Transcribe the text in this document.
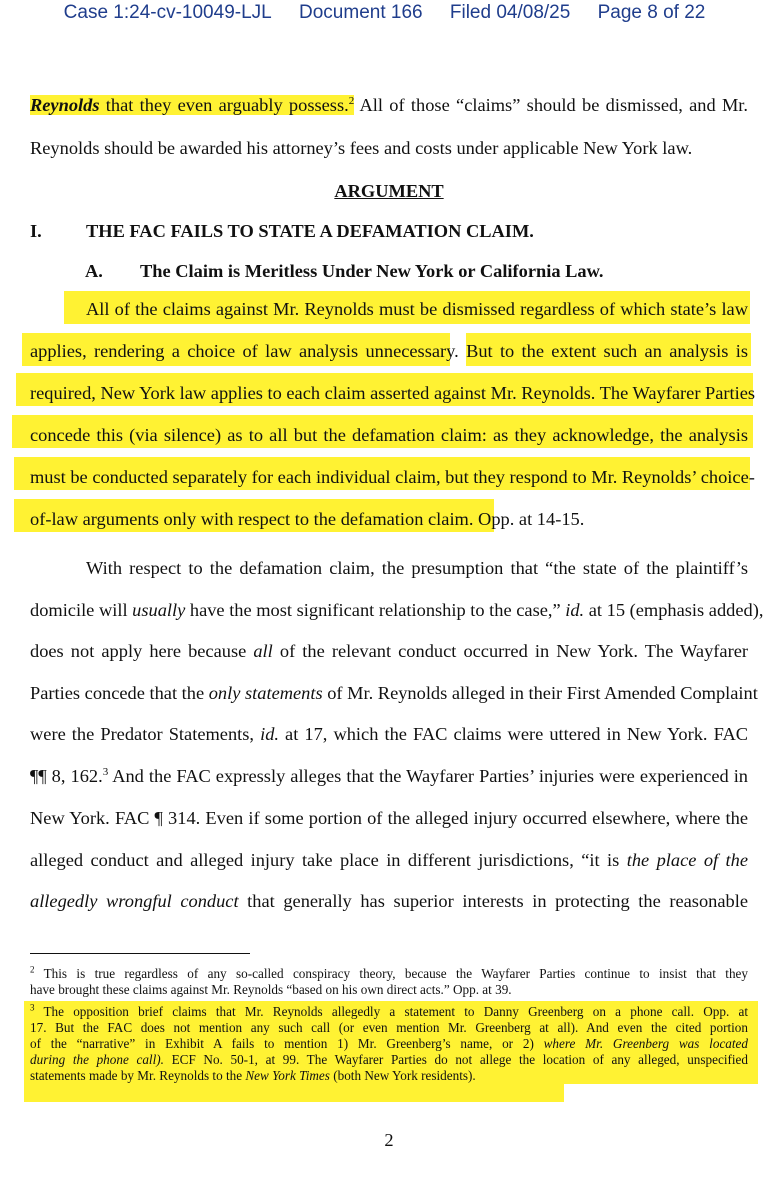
Case 1:24-cv-10049-LJL Document 166 Filed 04/08/25 Page 8 of 22
Reynolds that they even arguably possess.$^2$ All of those “claims” should be dismissed, and Mr.
Reynolds should be awarded his attorney’s fees and costs under applicable New York law.
ARGUMENT
I. THE FAC FAILS TO STATE A DEFAMATION CLAIM.
A. The Claim is Meritless Under New York or California Law.
All of the claims against Mr. Reynolds must be dismissed regardless of which state’s law
applies, rendering a choice of law analysis unnecessary. But to the extent such an analysis is
required, New York law applies to each claim asserted against Mr. Reynolds. The Wayfarer Parties
concede this (via silence) as to all but the defamation claim: as they acknowledge, the analysis
must be conducted separately for each individual claim, but they respond to Mr. Reynolds’ choice-
of-law arguments only with respect to the defamation claim. Opp. at 14-15.
With respect to the defamation claim, the presumption that “the state of the plaintiff’s
domicile will usually have the most significant relationship to the case,” id. at 15 (emphasis added),
does not apply here because all of the relevant conduct occurred in New York. The Wayfarer
Parties concede that the only statements of Mr. Reynolds alleged in their First Amended Complaint
were the Predator Statements, id. at 17, which the FAC claims were uttered in New York. FAC
¶¶ 8, 162.$^3$ And the FAC expressly alleges that the Wayfarer Parties’ injuries were experienced in
New York. FAC ¶ 314. Even if some portion of the alleged injury occurred elsewhere, where the
alleged conduct and alleged injury take place in different jurisdictions, “it is the place of the
allegedly wrongful conduct that generally has superior interests in protecting the reasonable
$^2$ This is true regardless of any so-called conspiracy theory, because the Wayfarer Parties continue to insist that they
have brought these claims against Mr. Reynolds “based on his own direct acts.” Opp. at 39.
$^3$ The opposition brief claims that Mr. Reynolds allegedly a statement to Danny Greenberg on a phone call. Opp. at
17. But the FAC does not mention any such call (or even mention Mr. Greenberg at all). And even the cited portion
of the “narrative” in Exhibit A fails to mention 1) Mr. Greenberg’s name, or 2) where Mr. Greenberg was located
during the phone call). ECF No. 50-1, at 99. The Wayfarer Parties do not allege the location of any alleged, unspecified
statements made by Mr. Reynolds to the New York Times (both New York residents).
2
